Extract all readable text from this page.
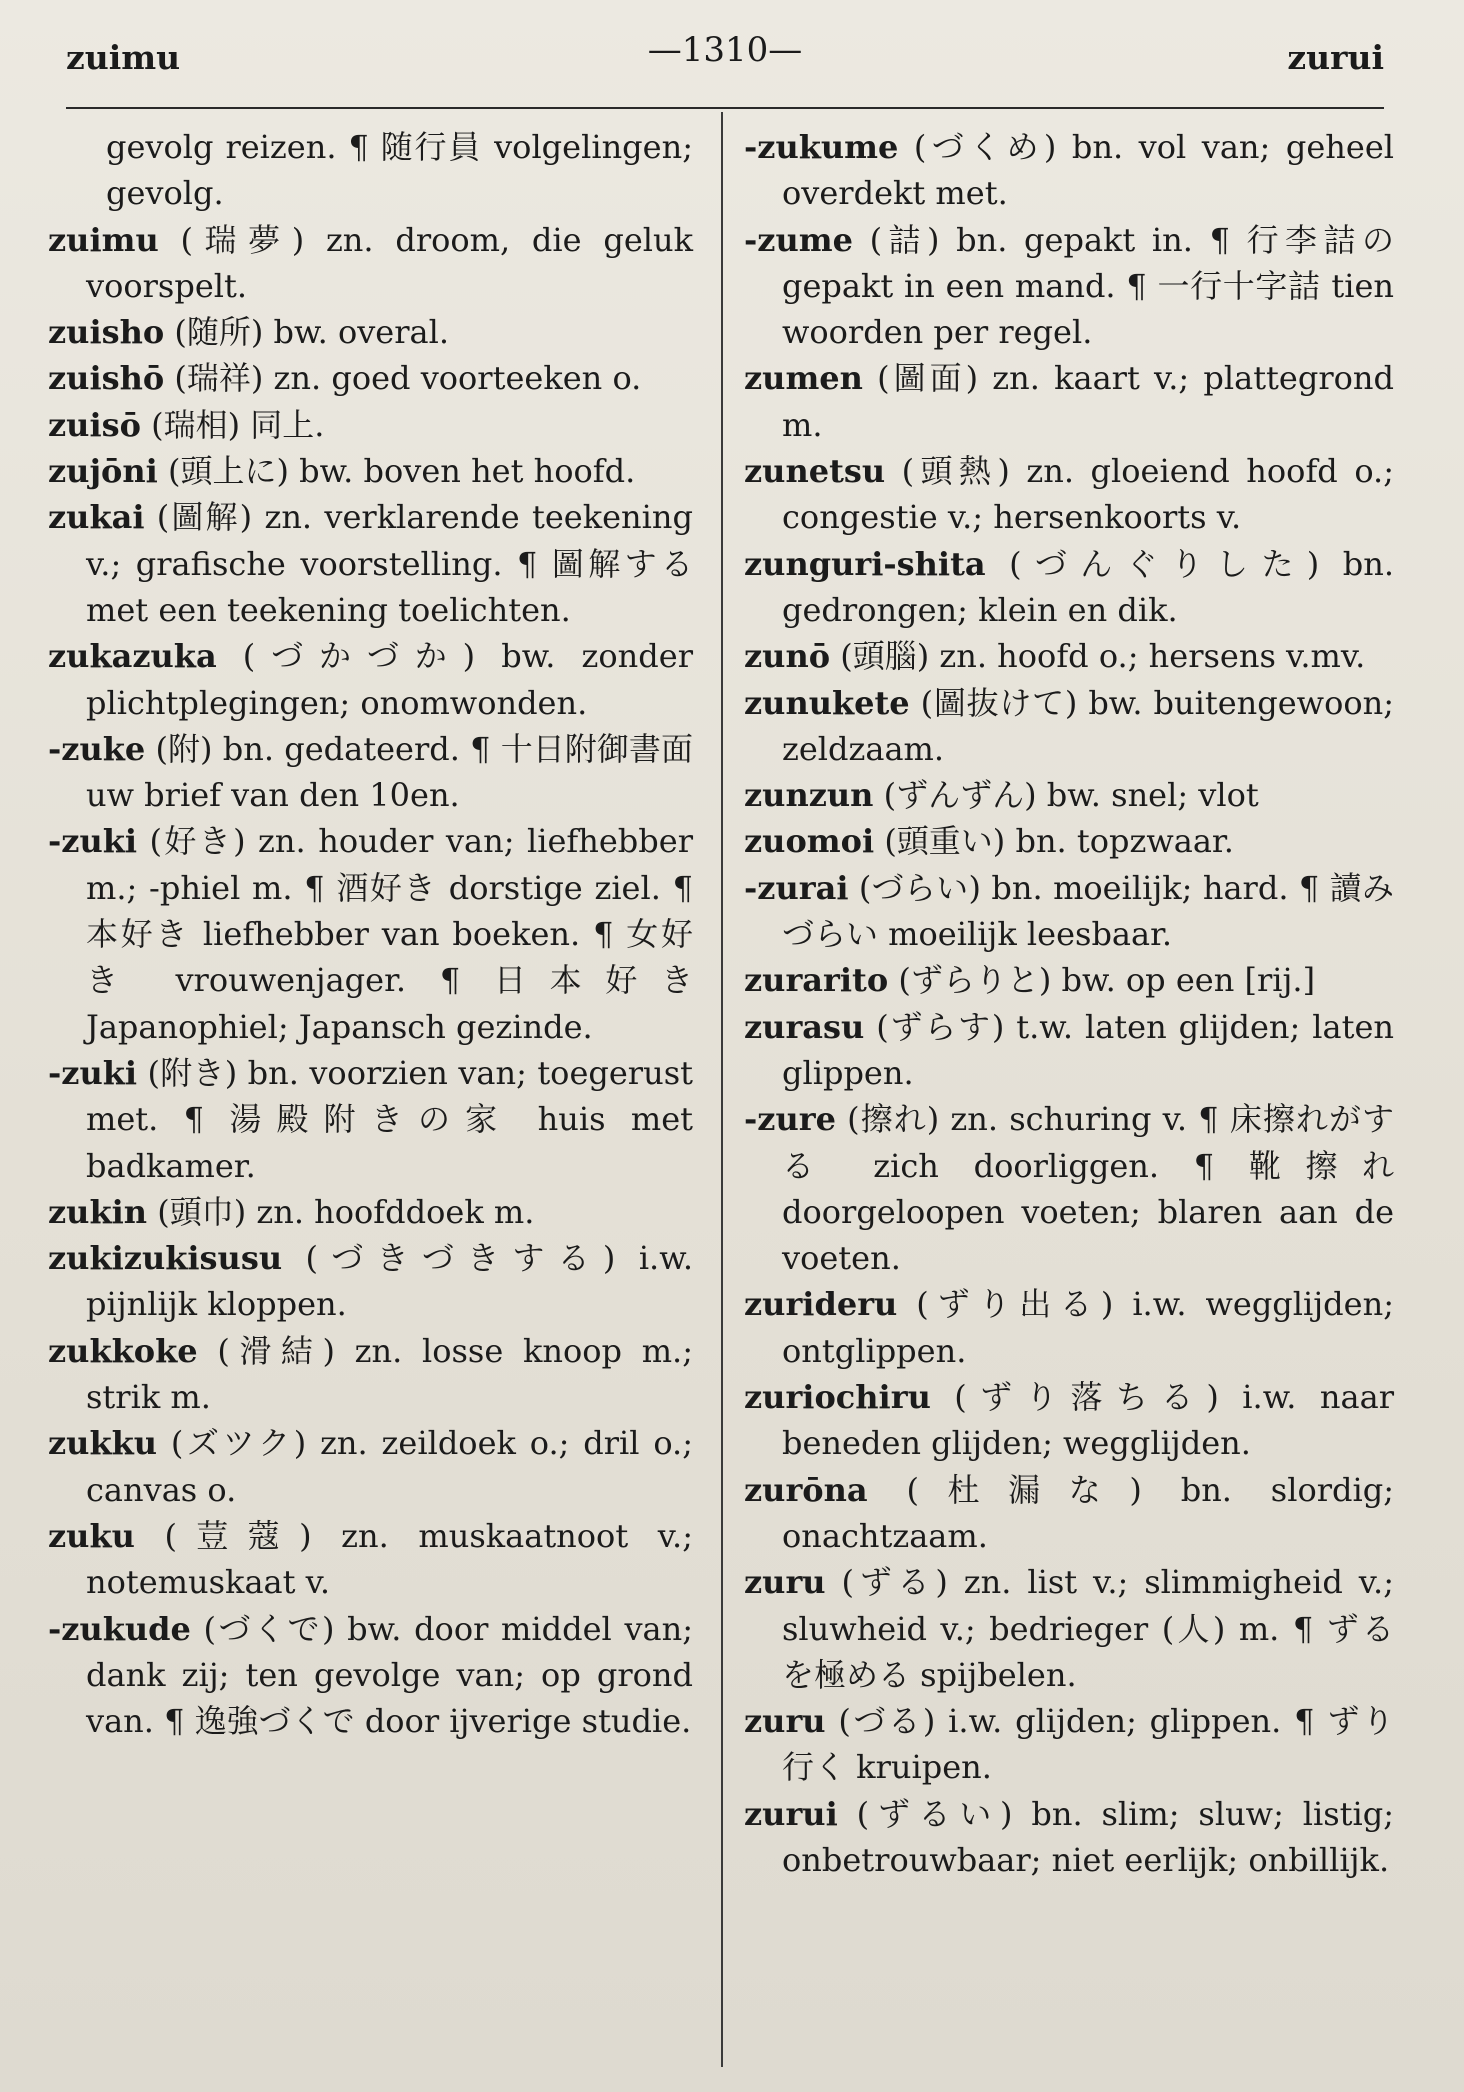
zuimu	—1310—	zurui

gevolg reizen. ¶ 随行員 volgelingen; gevolg.

zuimu (瑞夢) zn. droom, die geluk voorspelt.

zuisho (随所) bw. overal.

zuishō (瑞祥) zn. goed voorteeken o.

zuisō (瑞相) 同上.

zujōni (頭上に) bw. boven het hoofd.

zukai (圖解) zn. verklarende teekening v.; grafische voorstelling. ¶ 圖解する met een teekening toelichten.

zukazuka (づかづか) bw. zonder plichtplegingen; onomwonden.

-zuke (附) bn. gedateerd. ¶ 十日附御書面 uw brief van den 10en.

-zuki (好き) zn. houder van; liefhebber m.; -phiel m. ¶ 酒好き dorstige ziel. ¶ 本好き liefhebber van boeken. ¶ 女好き vrouwenjager. ¶ 日本好き Japanophiel; Japansch gezinde.

-zuki (附き) bn. voorzien van; toegerust met. ¶ 湯殿附きの家 huis met badkamer.

zukin (頭巾) zn. hoofddoek m.

zukizukisusu (づきづきする) i.w. pijnlijk kloppen.

zukkoke (滑結) zn. losse knoop m.; strik m.

zukku (ズツク) zn. zeildoek o.; dril o.; canvas o.

zuku (荳蔻) zn. muskaatnoot v.; notemuskaat v.

-zukude (づくで) bw. door middel van; dank zij; ten gevolge van; op grond van. ¶ 逸強づくで door ijverige studie.

-zukume (づくめ) bn. vol van; geheel overdekt met.

-zume (詰) bn. gepakt in. ¶ 行李詰の gepakt in een mand. ¶ 一行十字詰 tien woorden per regel.

zumen (圖面) zn. kaart v.; plattegrond m.

zunetsu (頭熱) zn. gloeiend hoofd o.; congestie v.; hersenkoorts v.

zunguri-shita (づんぐりした) bn. gedrongen; klein en dik.

zunō (頭腦) zn. hoofd o.; hersens v.mv.

zunukete (圖抜けて) bw. buitengewoon; zeldzaam.

zunzun (ずんずん) bw. snel; vlot

zuomoi (頭重い) bn. topzwaar.

-zurai (づらい) bn. moeilijk; hard. ¶ 讀みづらい moeilijk leesbaar.

zurarito (ずらりと) bw. op een [rij.]

zurasu (ずらす) t.w. laten glijden; laten glippen.

-zure (擦れ) zn. schuring v. ¶ 床擦れがする zich doorliggen. ¶ 靴擦れ doorgeloopen voeten; blaren aan de voeten.

zurideru (ずり出る) i.w. wegglijden; ontglippen.

zuriochiru (ずり落ちる) i.w. naar beneden glijden; wegglijden.

zurōna (杜漏な) bn. slordig; onachtzaam.

zuru (ずる) zn. list v.; slimmigheid v.; sluwheid v.; bedrieger (人) m. ¶ ずるを極める spijbelen.

zuru (づる) i.w. glijden; glippen. ¶ ずり行く kruipen.

zurui (ずるい) bn. slim; sluw; listig; onbetrouwbaar; niet eerlijk; onbillijk.
